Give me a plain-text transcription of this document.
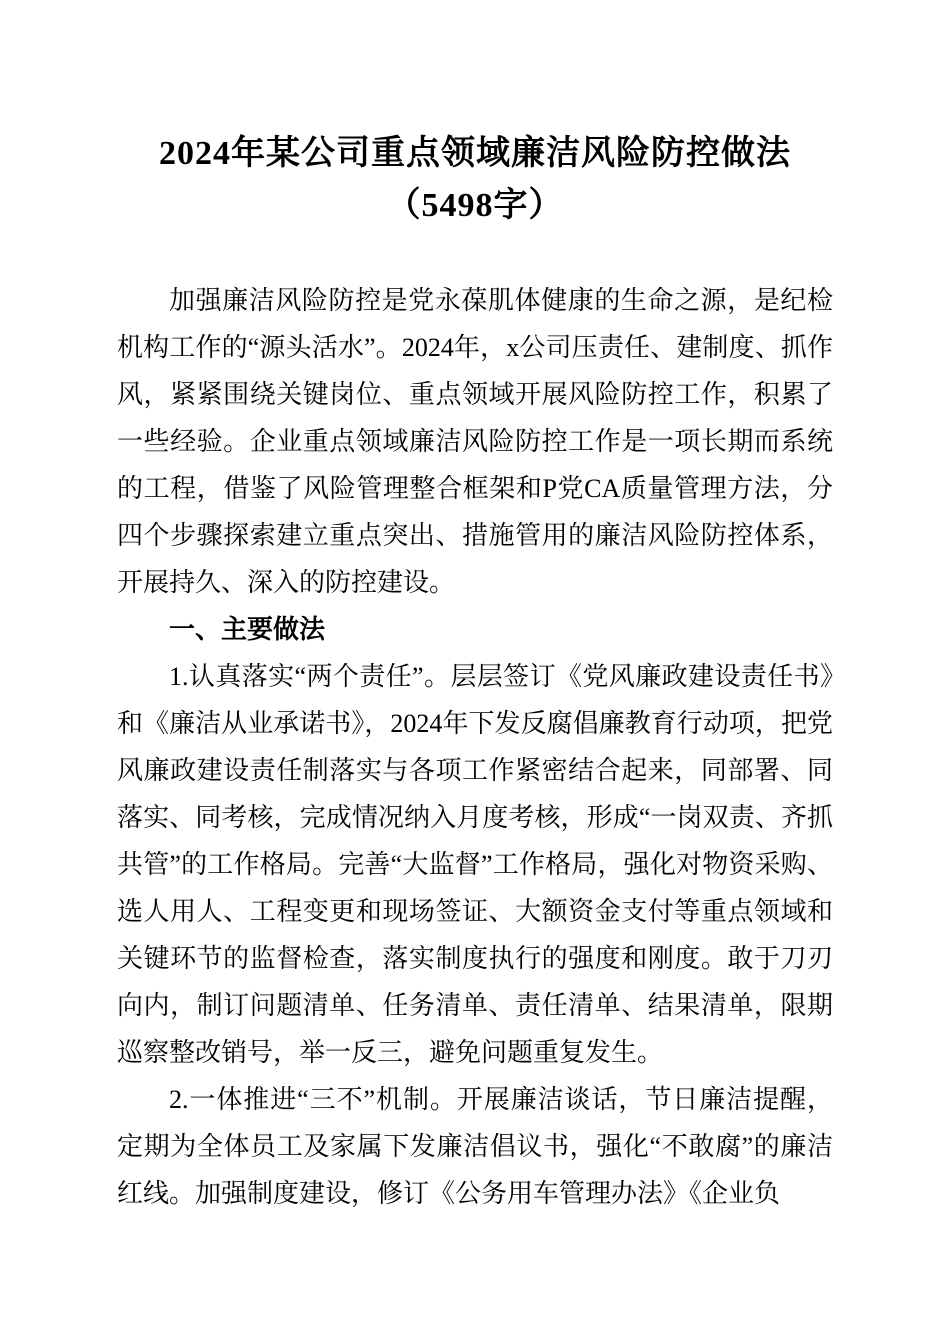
2024年某公司重点领域廉洁风险防控做法
（5498字）

加强廉洁风险防控是党永葆肌体健康的生命之源，是纪检机构工作的“源头活水”。2024年，x公司压责任、建制度、抓作风，紧紧围绕关键岗位、重点领域开展风险防控工作，积累了一些经验。企业重点领域廉洁风险防控工作是一项长期而系统的工程，借鉴了风险管理整合框架和P党CA质量管理方法，分四个步骤探索建立重点突出、措施管用的廉洁风险防控体系，开展持久、深入的防控建设。

一、主要做法

1.认真落实“两个责任”。层层签订《党风廉政建设责任书》和《廉洁从业承诺书》，2024年下发反腐倡廉教育行动项，把党风廉政建设责任制落实与各项工作紧密结合起来，同部署、同落实、同考核，完成情况纳入月度考核，形成“一岗双责、齐抓共管”的工作格局。完善“大监督”工作格局，强化对物资采购、选人用人、工程变更和现场签证、大额资金支付等重点领域和关键环节的监督检查，落实制度执行的强度和刚度。敢于刀刃向内，制订问题清单、任务清单、责任清单、结果清单，限期巡察整改销号，举一反三，避免问题重复发生。

2.一体推进“三不”机制。开展廉洁谈话，节日廉洁提醒，定期为全体员工及家属下发廉洁倡议书，强化“不敢腐”的廉洁红线。加强制度建设，修订《公务用车管理办法》《企业负
